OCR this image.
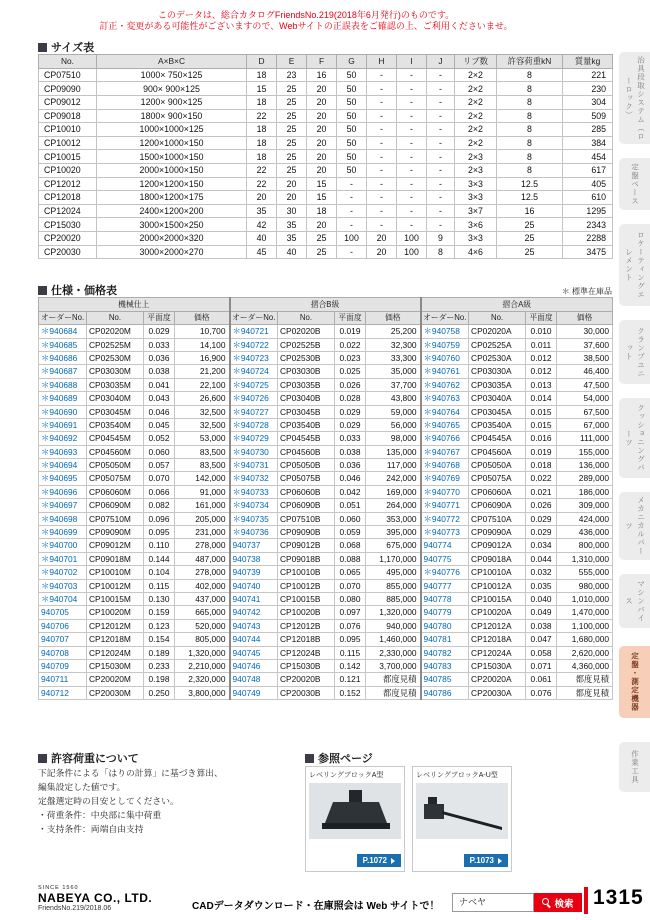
このデータは、総合カタログFriendsNo.219(2018年6月発行)のものです。
訂正・変更がある可能性がございますので、Webサイトの正誤表をご確認の上、ご利用くださいませ。
サイズ表
No.	A×B×C	D	E	F	G	H	I	J	リブ数	許容荷重kN	質量kg
CP07510	1000× 750×125	18	23	16	50	-	-	-	2×2	8	221
CP09090	900× 900×125	15	25	20	50	-	-	-	2×2	8	230
CP09012	1200× 900×125	18	25	20	50	-	-	-	2×2	8	304
CP09018	1800× 900×150	22	25	20	50	-	-	-	2×2	8	509
CP10010	1000×1000×125	18	25	20	50	-	-	-	2×2	8	285
CP10012	1200×1000×150	18	25	20	50	-	-	-	2×2	8	384
CP10015	1500×1000×150	18	25	20	50	-	-	-	2×3	8	454
CP10020	2000×1000×150	22	25	20	50	-	-	-	2×3	8	617
CP12012	1200×1200×150	22	20	15	-	-	-	-	3×3	12.5	405
CP12018	1800×1200×175	20	20	15	-	-	-	-	3×3	12.5	610
CP12024	2400×1200×200	35	30	18	-	-	-	-	3×7	16	1295
CP15030	3000×1500×250	42	35	20	-	-	-	-	3×6	25	2343
CP20020	2000×2000×320	40	35	25	100	20	100	9	3×3	25	2288
CP20030	3000×2000×270	45	40	25	-	20	100	8	4×6	25	3475
仕様・価格表	＊ 標準在庫品
機械仕上				摺合B級				摺合A級			
オーダーNo.	No.	平面度	価格	オーダーNo.	No.	平面度	価格	オーダーNo.	No.	平面度	価格
＊940684	CP02020M	0.029	10,700	＊940721	CP02020B	0.019	25,200	＊940758	CP02020A	0.010	30,000
＊940685	CP02525M	0.033	14,100	＊940722	CP02525B	0.022	32,300	＊940759	CP02525A	0.011	37,600
＊940686	CP02530M	0.036	16,900	＊940723	CP02530B	0.023	33,300	＊940760	CP02530A	0.012	38,500
＊940687	CP03030M	0.038	21,200	＊940724	CP03030B	0.025	35,000	＊940761	CP03030A	0.012	46,400
＊940688	CP03035M	0.041	22,100	＊940725	CP03035B	0.026	37,700	＊940762	CP03035A	0.013	47,500
＊940689	CP03040M	0.043	26,600	＊940726	CP03040B	0.028	43,800	＊940763	CP03040A	0.014	54,000
＊940690	CP03045M	0.046	32,500	＊940727	CP03045B	0.029	59,000	＊940764	CP03045A	0.015	67,500
＊940691	CP03540M	0.045	32,500	＊940728	CP03540B	0.029	56,000	＊940765	CP03540A	0.015	67,000
＊940692	CP04545M	0.052	53,000	＊940729	CP04545B	0.033	98,000	＊940766	CP04545A	0.016	111,000
＊940693	CP04560M	0.060	83,500	＊940730	CP04560B	0.038	135,000	＊940767	CP04560A	0.019	155,000
＊940694	CP05050M	0.057	83,500	＊940731	CP05050B	0.036	117,000	＊940768	CP05050A	0.018	136,000
＊940695	CP05075M	0.070	142,000	＊940732	CP05075B	0.046	242,000	＊940769	CP05075A	0.022	289,000
＊940696	CP06060M	0.066	91,000	＊940733	CP06060B	0.042	169,000	＊940770	CP06060A	0.021	186,000
＊940697	CP06090M	0.082	161,000	＊940734	CP06090B	0.051	264,000	＊940771	CP06090A	0.026	309,000
＊940698	CP07510M	0.096	205,000	＊940735	CP07510B	0.060	353,000	＊940772	CP07510A	0.029	424,000
＊940699	CP09090M	0.095	231,000	＊940736	CP09090B	0.059	395,000	＊940773	CP09090A	0.029	436,000
＊940700	CP09012M	0.110	278,000	940737	CP09012B	0.068	675,000	940774	CP09012A	0.034	800,000
＊940701	CP09018M	0.144	487,000	940738	CP09018B	0.088	1,170,000	940775	CP09018A	0.044	1,310,000
＊940702	CP10010M	0.104	278,000	940739	CP10010B	0.065	495,000	＊940776	CP10010A	0.032	555,000
＊940703	CP10012M	0.115	402,000	940740	CP10012B	0.070	855,000	940777	CP10012A	0.035	980,000
＊940704	CP10015M	0.130	437,000	940741	CP10015B	0.080	885,000	940778	CP10015A	0.040	1,010,000
940705	CP10020M	0.159	665,000	940742	CP10020B	0.097	1,320,000	940779	CP10020A	0.049	1,470,000
940706	CP12012M	0.123	520,000	940743	CP12012B	0.076	940,000	940780	CP12012A	0.038	1,100,000
940707	CP12018M	0.154	805,000	940744	CP12018B	0.095	1,460,000	940781	CP12018A	0.047	1,680,000
940708	CP12024M	0.189	1,320,000	940745	CP12024B	0.115	2,330,000	940782	CP12024A	0.058	2,620,000
940709	CP15030M	0.233	2,210,000	940746	CP15030B	0.142	3,700,000	940783	CP15030A	0.071	4,360,000
940711	CP20020M	0.198	2,320,000	940748	CP20020B	0.121	都度見積	940785	CP20020A	0.061	都度見積
940712	CP20030M	0.250	3,800,000	940749	CP20030B	0.152	都度見積	940786	CP20030A	0.076	都度見積
許容荷重について
下記条件による「はりの計算」に基づき算出、
編集設定した値です。
定盤選定時の目安としてください。
・荷重条件：中央部に集中荷重
・支持条件：両端自由支持
参照ページ
レベリングブロックA型
P.1072
レベリングブロックA-U型
P.1073
治具段取システム（ローロック）
定盤ベース
ロケーティングエレメント
クランプユニット
クッショニングパーツ
メカニカルパーツ
マシンバイス
定盤・測定機器
作業工具
SINCE 1560
NABEYA CO., LTD.
FriendsNo.219/2018.06	CADデータダウンロード・在庫照会は Web サイトで！	ナベヤ	検索 1315
